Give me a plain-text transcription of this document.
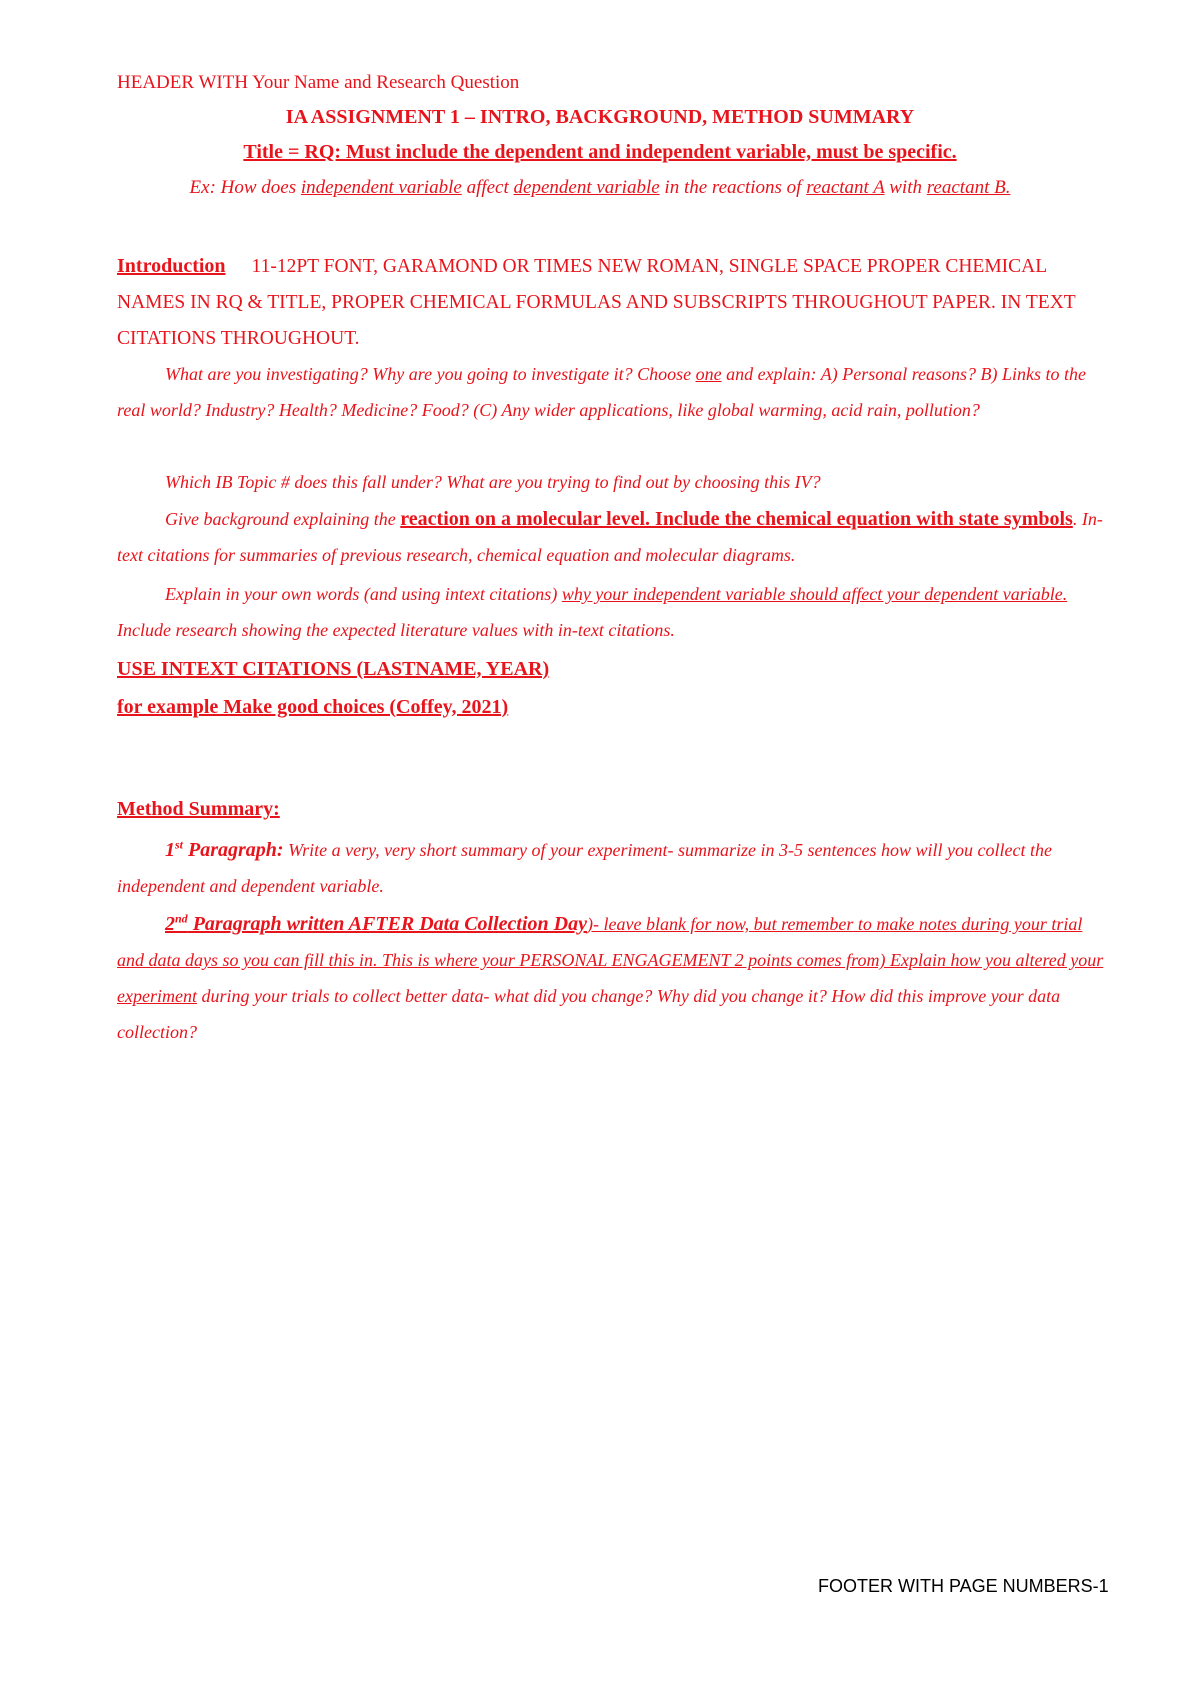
HEADER WITH Your Name and Research Question
IA ASSIGNMENT 1 – INTRO, BACKGROUND, METHOD SUMMARY
Title = RQ: Must include the dependent and independent variable, must be specific.
Ex: How does independent variable affect dependent variable in the reactions of reactant A with reactant B.
Introduction 11-12PT FONT, GARAMOND OR TIMES NEW ROMAN, SINGLE SPACE PROPER CHEMICAL NAMES IN RQ & TITLE, PROPER CHEMICAL FORMULAS AND SUBSCRIPTS THROUGHOUT PAPER. IN TEXT CITATIONS THROUGHOUT.
What are you investigating? Why are you going to investigate it? Choose one and explain: A) Personal reasons? B) Links to the real world? Industry? Health? Medicine? Food? (C) Any wider applications, like global warming, acid rain, pollution?
Which IB Topic # does this fall under? What are you trying to find out by choosing this IV?
Give background explaining the reaction on a molecular level. Include the chemical equation with state symbols. In-text citations for summaries of previous research, chemical equation and molecular diagrams.
Explain in your own words (and using intext citations) why your independent variable should affect your dependent variable. Include research showing the expected literature values with in-text citations.
USE INTEXT CITATIONS (LASTNAME, YEAR)
for example Make good choices (Coffey, 2021)
Method Summary:
1st Paragraph: Write a very, very short summary of your experiment- summarize in 3-5 sentences how will you collect the independent and dependent variable.
2nd Paragraph written AFTER Data Collection Day)- leave blank for now, but remember to make notes during your trial and data days so you can fill this in. This is where your PERSONAL ENGAGEMENT 2 points comes from) Explain how you altered your experiment during your trials to collect better data- what did you change? Why did you change it? How did this improve your data collection?
FOOTER WITH PAGE NUMBERS-1
